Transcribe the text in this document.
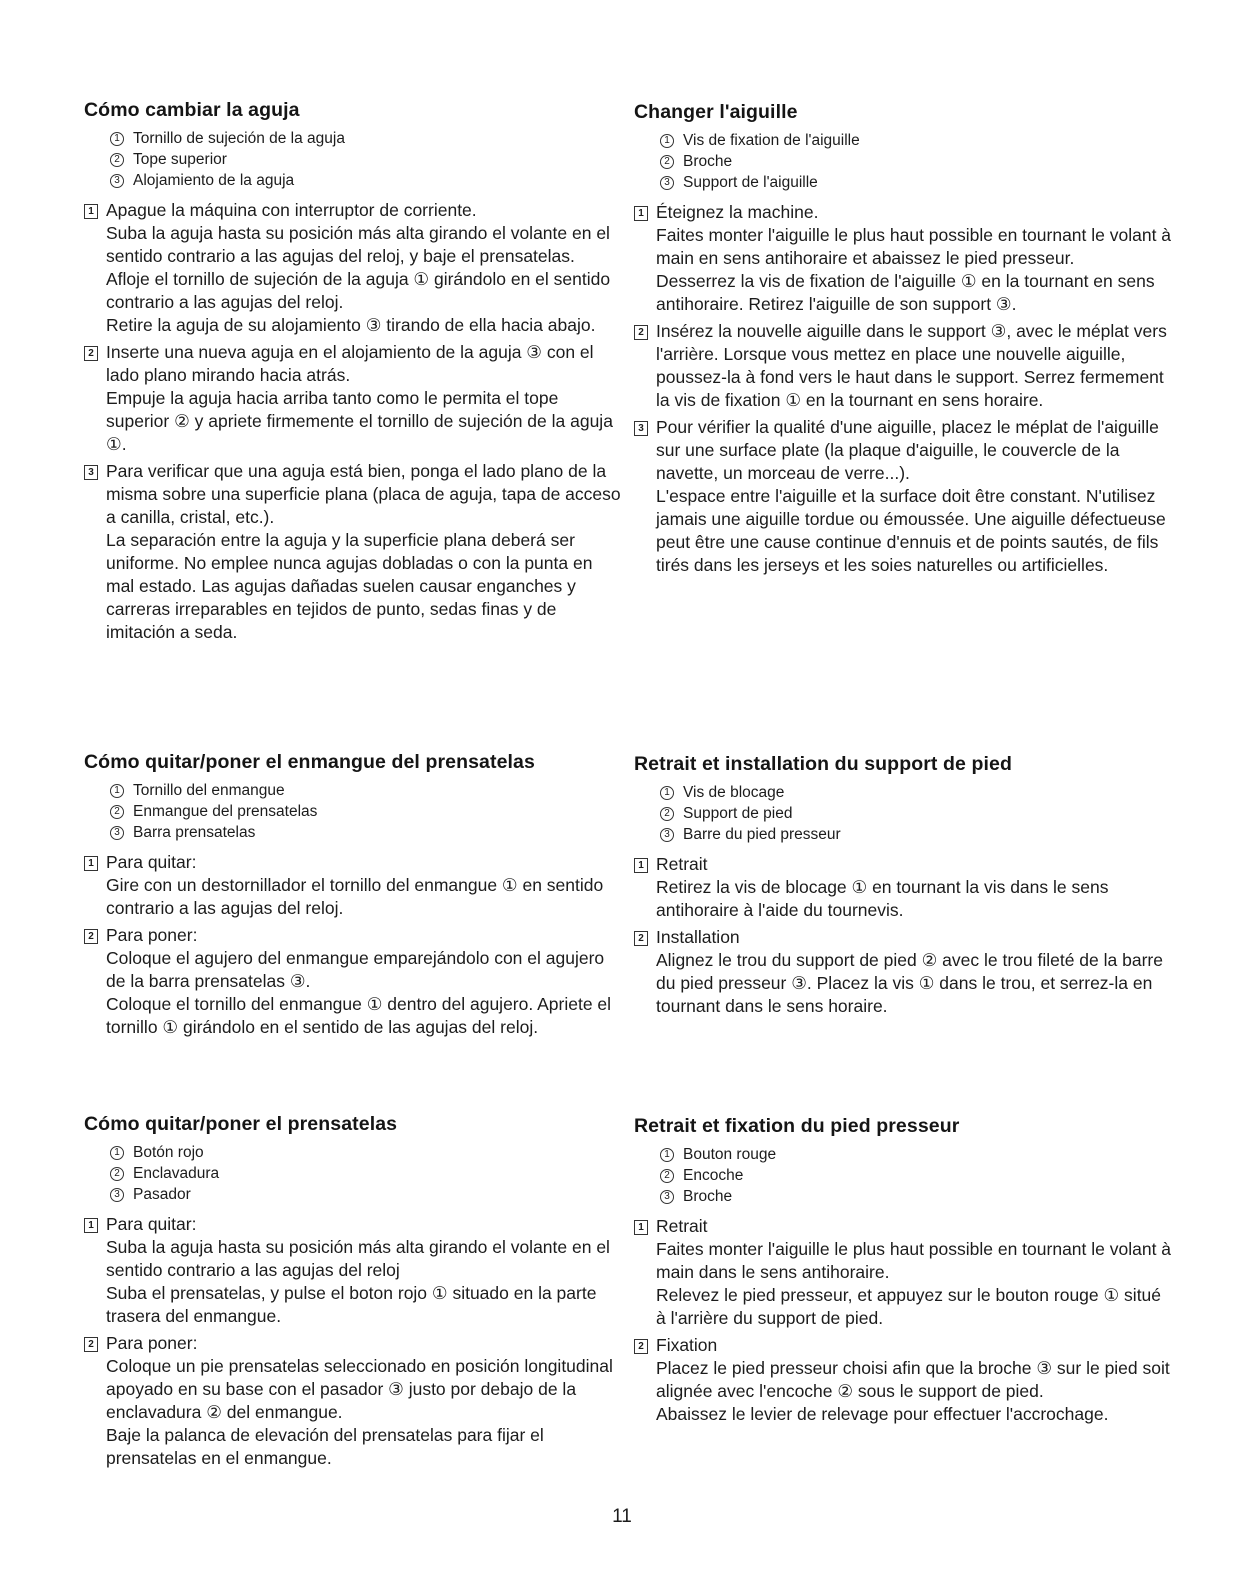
Cómo cambiar la aguja
1 Tornillo de sujeción de la aguja
2 Tope superior
3 Alojamiento de la aguja
1 Apague la máquina con interruptor de corriente.

Suba la aguja hasta su posición más alta girando el volante en el sentido contrario a las agujas del reloj, y baje el prensatelas.

Afloje el tornillo de sujeción de la aguja ① girándolo en el sentido contrario a las agujas del reloj.

Retire la aguja de su alojamiento ③ tirando de ella hacia abajo.

2 Inserte una nueva aguja en el alojamiento de la aguja ③ con el lado plano mirando hacia atrás.

Empuje la aguja hacia arriba tanto como le permita el tope superior ② y apriete firmemente el tornillo de sujeción de la aguja ①.

3 Para verificar que una aguja está bien, ponga el lado plano de la misma sobre una superficie plana (placa de aguja, tapa de acceso a canilla, cristal, etc.).

La separación entre la aguja y la superficie plana deberá ser uniforme. No emplee nunca agujas dobladas o con la punta en mal estado. Las agujas dañadas suelen causar enganches y carreras irreparables en tejidos de punto, sedas finas y de imitación a seda.

Cómo quitar/poner el enmangue del prensatelas
1 Tornillo del enmangue
2 Enmangue del prensatelas
3 Barra prensatelas
1 Para quitar:

Gire con un destornillador el tornillo del enmangue ① en sentido contrario a las agujas del reloj.

2 Para poner:

Coloque el agujero del enmangue emparejándolo con el agujero de la barra prensatelas ③.

Coloque el tornillo del enmangue ① dentro del agujero. Apriete el tornillo ① girándolo en el sentido de las agujas del reloj.

Cómo quitar/poner el prensatelas
1 Botón rojo
2 Enclavadura
3 Pasador
1 Para quitar:

Suba la aguja hasta su posición más alta girando el volante en el sentido contrario a las agujas del reloj

Suba el prensatelas, y pulse el boton rojo ① situado en la parte trasera del enmangue.

2 Para poner:

Coloque un pie prensatelas seleccionado en posición longitudinal apoyado en su base con el pasador ③ justo por debajo de la enclavadura ② del enmangue.

Baje la palanca de elevación del prensatelas para fijar el prensatelas en el enmangue.

Changer l'aiguille
1 Vis de fixation de l'aiguille
2 Broche
3 Support de l'aiguille
1 Éteignez la machine.

Faites monter l'aiguille le plus haut possible en tournant le volant à main en sens antihoraire et abaissez le pied presseur.

Desserrez la vis de fixation de l'aiguille ① en la tournant en sens antihoraire. Retirez l'aiguille de son support ③.

2 Insérez la nouvelle aiguille dans le support ③, avec le méplat vers l'arrière. Lorsque vous mettez en place une nouvelle aiguille, poussez-la à fond vers le haut dans le support. Serrez fermement la vis de fixation ① en la tournant en sens horaire.

3 Pour vérifier la qualité d'une aiguille, placez le méplat de l'aiguille sur une surface plate (la plaque d'aiguille, le couvercle de la navette, un morceau de verre...).

L'espace entre l'aiguille et la surface doit être constant. N'utilisez jamais une aiguille tordue ou émoussée. Une aiguille défectueuse peut être une cause continue d'ennuis et de points sautés, de fils tirés dans les jerseys et les soies naturelles ou artificielles.

Retrait et installation du support de pied
1 Vis de blocage
2 Support de pied
3 Barre du pied presseur
1 Retrait

Retirez la vis de blocage ① en tournant la vis dans le sens antihoraire à l'aide du tournevis.

2 Installation

Alignez le trou du support de pied ② avec le trou fileté de la barre du pied presseur ③. Placez la vis ① dans le trou, et serrez-la en tournant dans le sens horaire.

Retrait et fixation du pied presseur
1 Bouton rouge
2 Encoche
3 Broche
1 Retrait

Faites monter l'aiguille le plus haut possible en tournant le volant à main dans le sens antihoraire.

Relevez le pied presseur, et appuyez sur le bouton rouge ① situé à l'arrière du support de pied.

2 Fixation

Placez le pied presseur choisi afin que la broche ③ sur le pied soit alignée avec l'encoche ② sous le support de pied.

Abaissez le levier de relevage pour effectuer l'accrochage.

11
